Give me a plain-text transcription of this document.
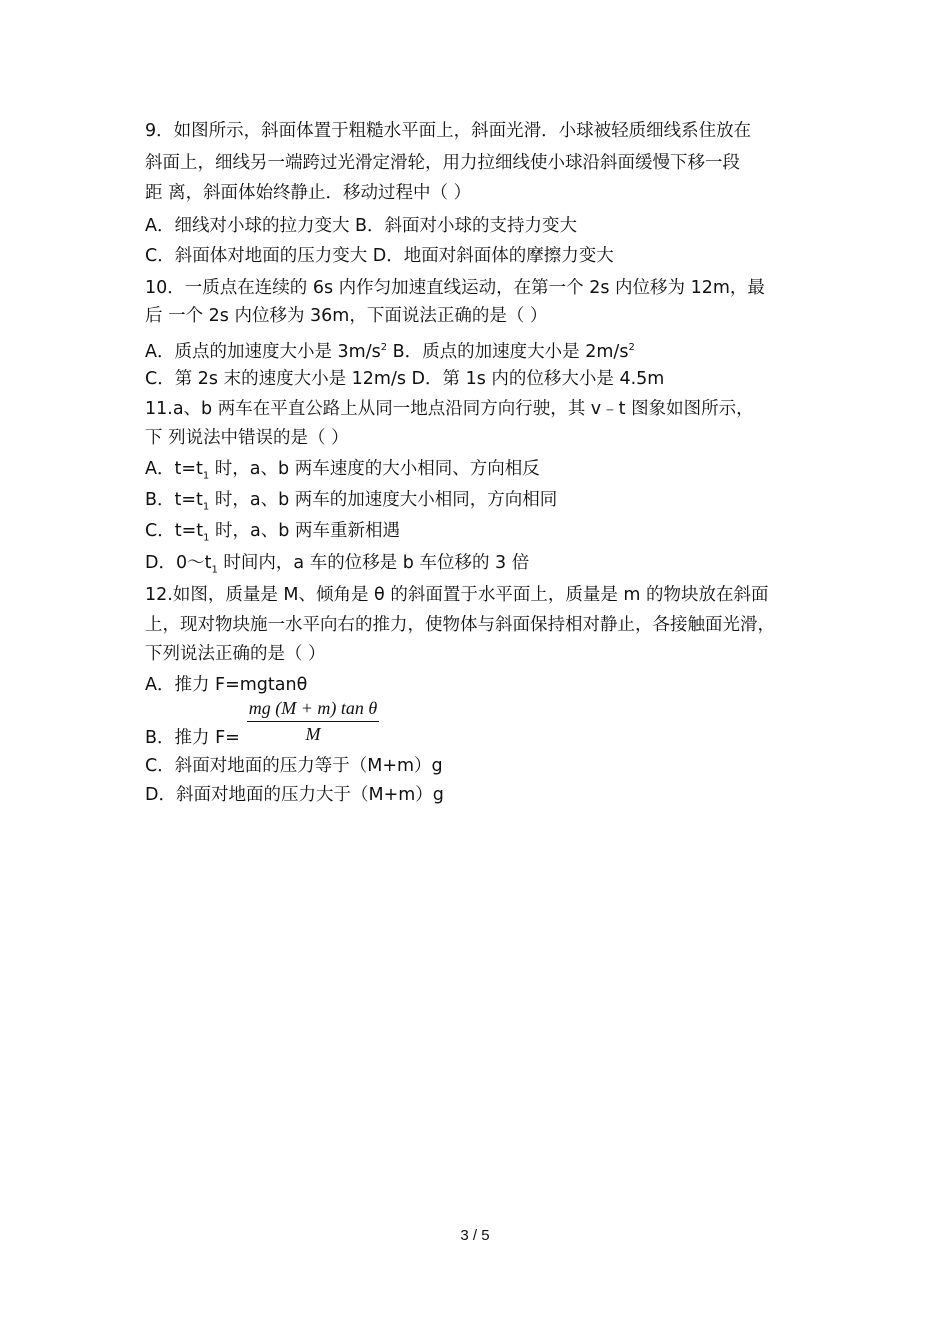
9．如图所示，斜面体置于粗糙水平面上，斜面光滑．小球被轻质细线系住放在
斜面上，细线另一端跨过光滑定滑轮，用力拉细线使小球沿斜面缓慢下移一段
距 离，斜面体始终静止．移动过程中（ ）
A．细线对小球的拉力变大 B．斜面对小球的支持力变大
C．斜面体对地面的压力变大 D．地面对斜面体的摩擦力变大
10．一质点在连续的 6s 内作匀加速直线运动，在第一个 2s 内位移为 12m，最
后 一个 2s 内位移为 36m，下面说法正确的是（ ）
A．质点的加速度大小是 $3m/s^2$ B．质点的加速度大小是 $2m/s^2$
C．第 2s 末的速度大小是 12m/s D．第 1s 内的位移大小是 4.5m
11.a、b 两车在平直公路上从同一地点沿同方向行驶，其 v﹣t 图象如图所示，
下 列说法中错误的是（ ）
A．$t=t_1$ 时，a、b 两车速度的大小相同、方向相反
B．$t=t_1$ 时，a、b 两车的加速度大小相同，方向相同
C．$t=t_1$ 时，a、b 两车重新相遇
D．$0\sim t_1$ 时间内，a 车的位移是 b 车位移的 3 倍
12.如图，质量是 M、倾角是 θ 的斜面置于水平面上，质量是 m 的物块放在斜面
上，现对物块施一水平向右的推力，使物体与斜面保持相对静止，各接触面光滑，
下列说法正确的是（ ）
A．推力 F=mgtanθ
B．推力 $F= \frac{\text{mg (M + m) tan θ}}{M}$
C．斜面对地面的压力等于（M+m）g
D．斜面对地面的压力大于（M+m）g
3 / 5
